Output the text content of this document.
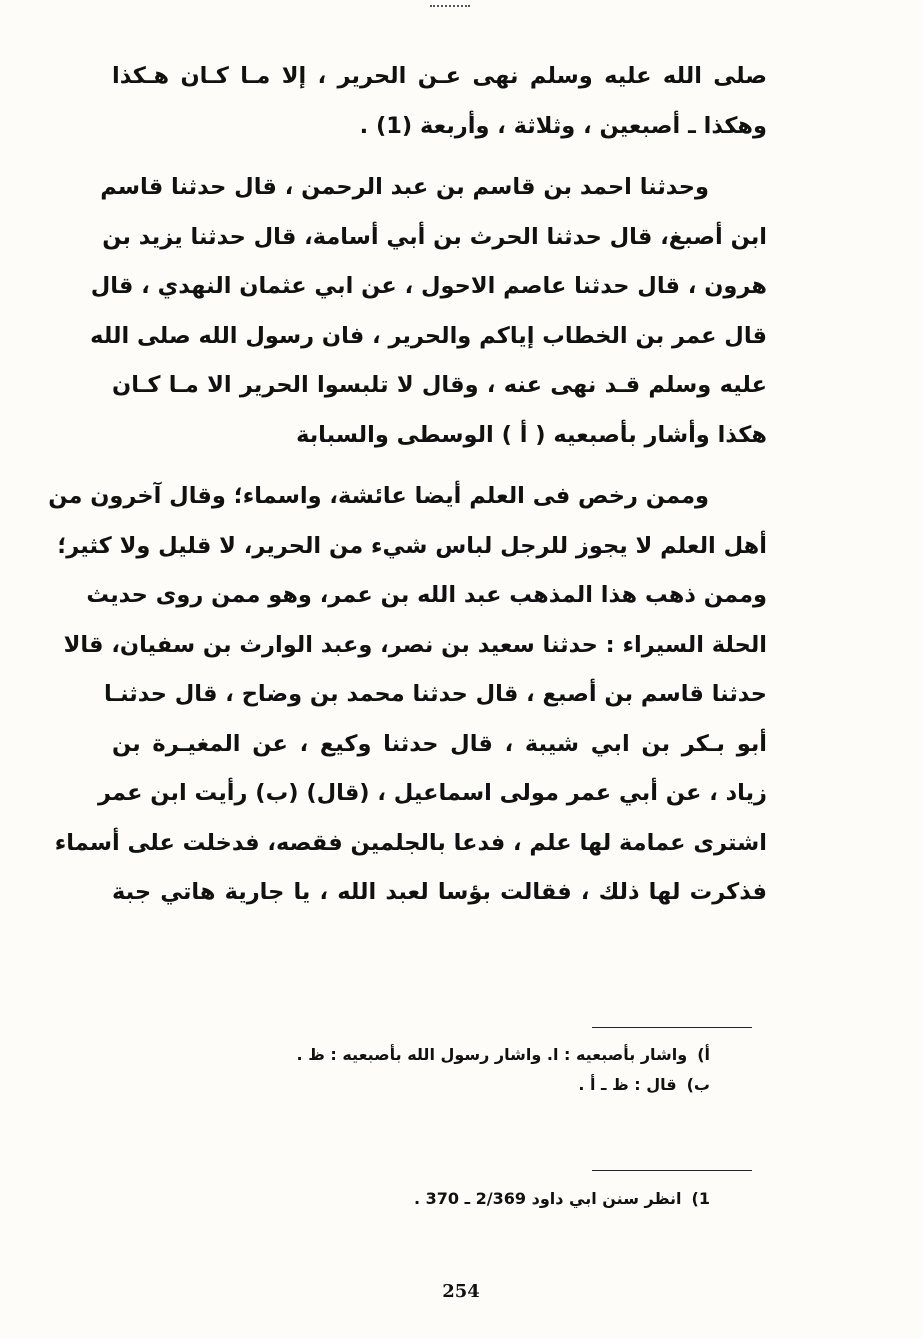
صلى الله عليه وسلم نهى عـن الحرير ، إلا مـا كـان هـكذا
وهكذا ـ أصبعين ، وثلاثة ، وأربعة (1) .
وحدثنا احمد بن قاسم بن عبد الرحمن ، قال حدثنا قاسم
ابن أصبغ، قال حدثنا الحرث بن أبي أسامة، قال حدثنا يزيد بن
هرون ، قال حدثنا عاصم الاحول ، عن ابي عثمان النهدي ، قال
قال عمر بن الخطاب إياكم والحرير ، فان رسول الله صلى الله
عليه وسلم قـد نهى عنه ، وقال لا تلبسوا الحرير الا مـا كـان
هكذا وأشار بأصبعيه ( أ ) الوسطى والسبابة
وممن رخص فى العلم أيضا عائشة، واسماء؛ وقال آخرون من
أهل العلم لا يجوز للرجل لباس شيء من الحرير، لا قليل ولا كثير؛
وممن ذهب هذا المذهب عبد الله بن عمر، وهو ممن روى حديث
الحلة السيراء : حدثنا سعيد بن نصر، وعبد الوارث بن سفيان، قالا
حدثنا قاسم بن أصبع ، قال حدثنا محمد بن وضاح ، قال حدثنـا
أبو بـكر بن ابي شيبة ، قال حدثنا وكيع ، عن المغيـرة بن
زياد ، عن أبي عمر مولى اسماعيل ، (قال) (ب) رأيت ابن عمر
اشترى عمامة لها علم ، فدعا بالجلمين فقصه، فدخلت على أسماء
فذكرت لها ذلك ، فقالت بؤسا لعبد الله ، يا جارية هاتي جبة
أ)واشار بأصبعيه : ا. واشار رسول الله بأصبعيه : ظ .
ب)قال : ظ ـ أ .
1)انظر سنن ابي داود 2/369 ـ 370 .
254
